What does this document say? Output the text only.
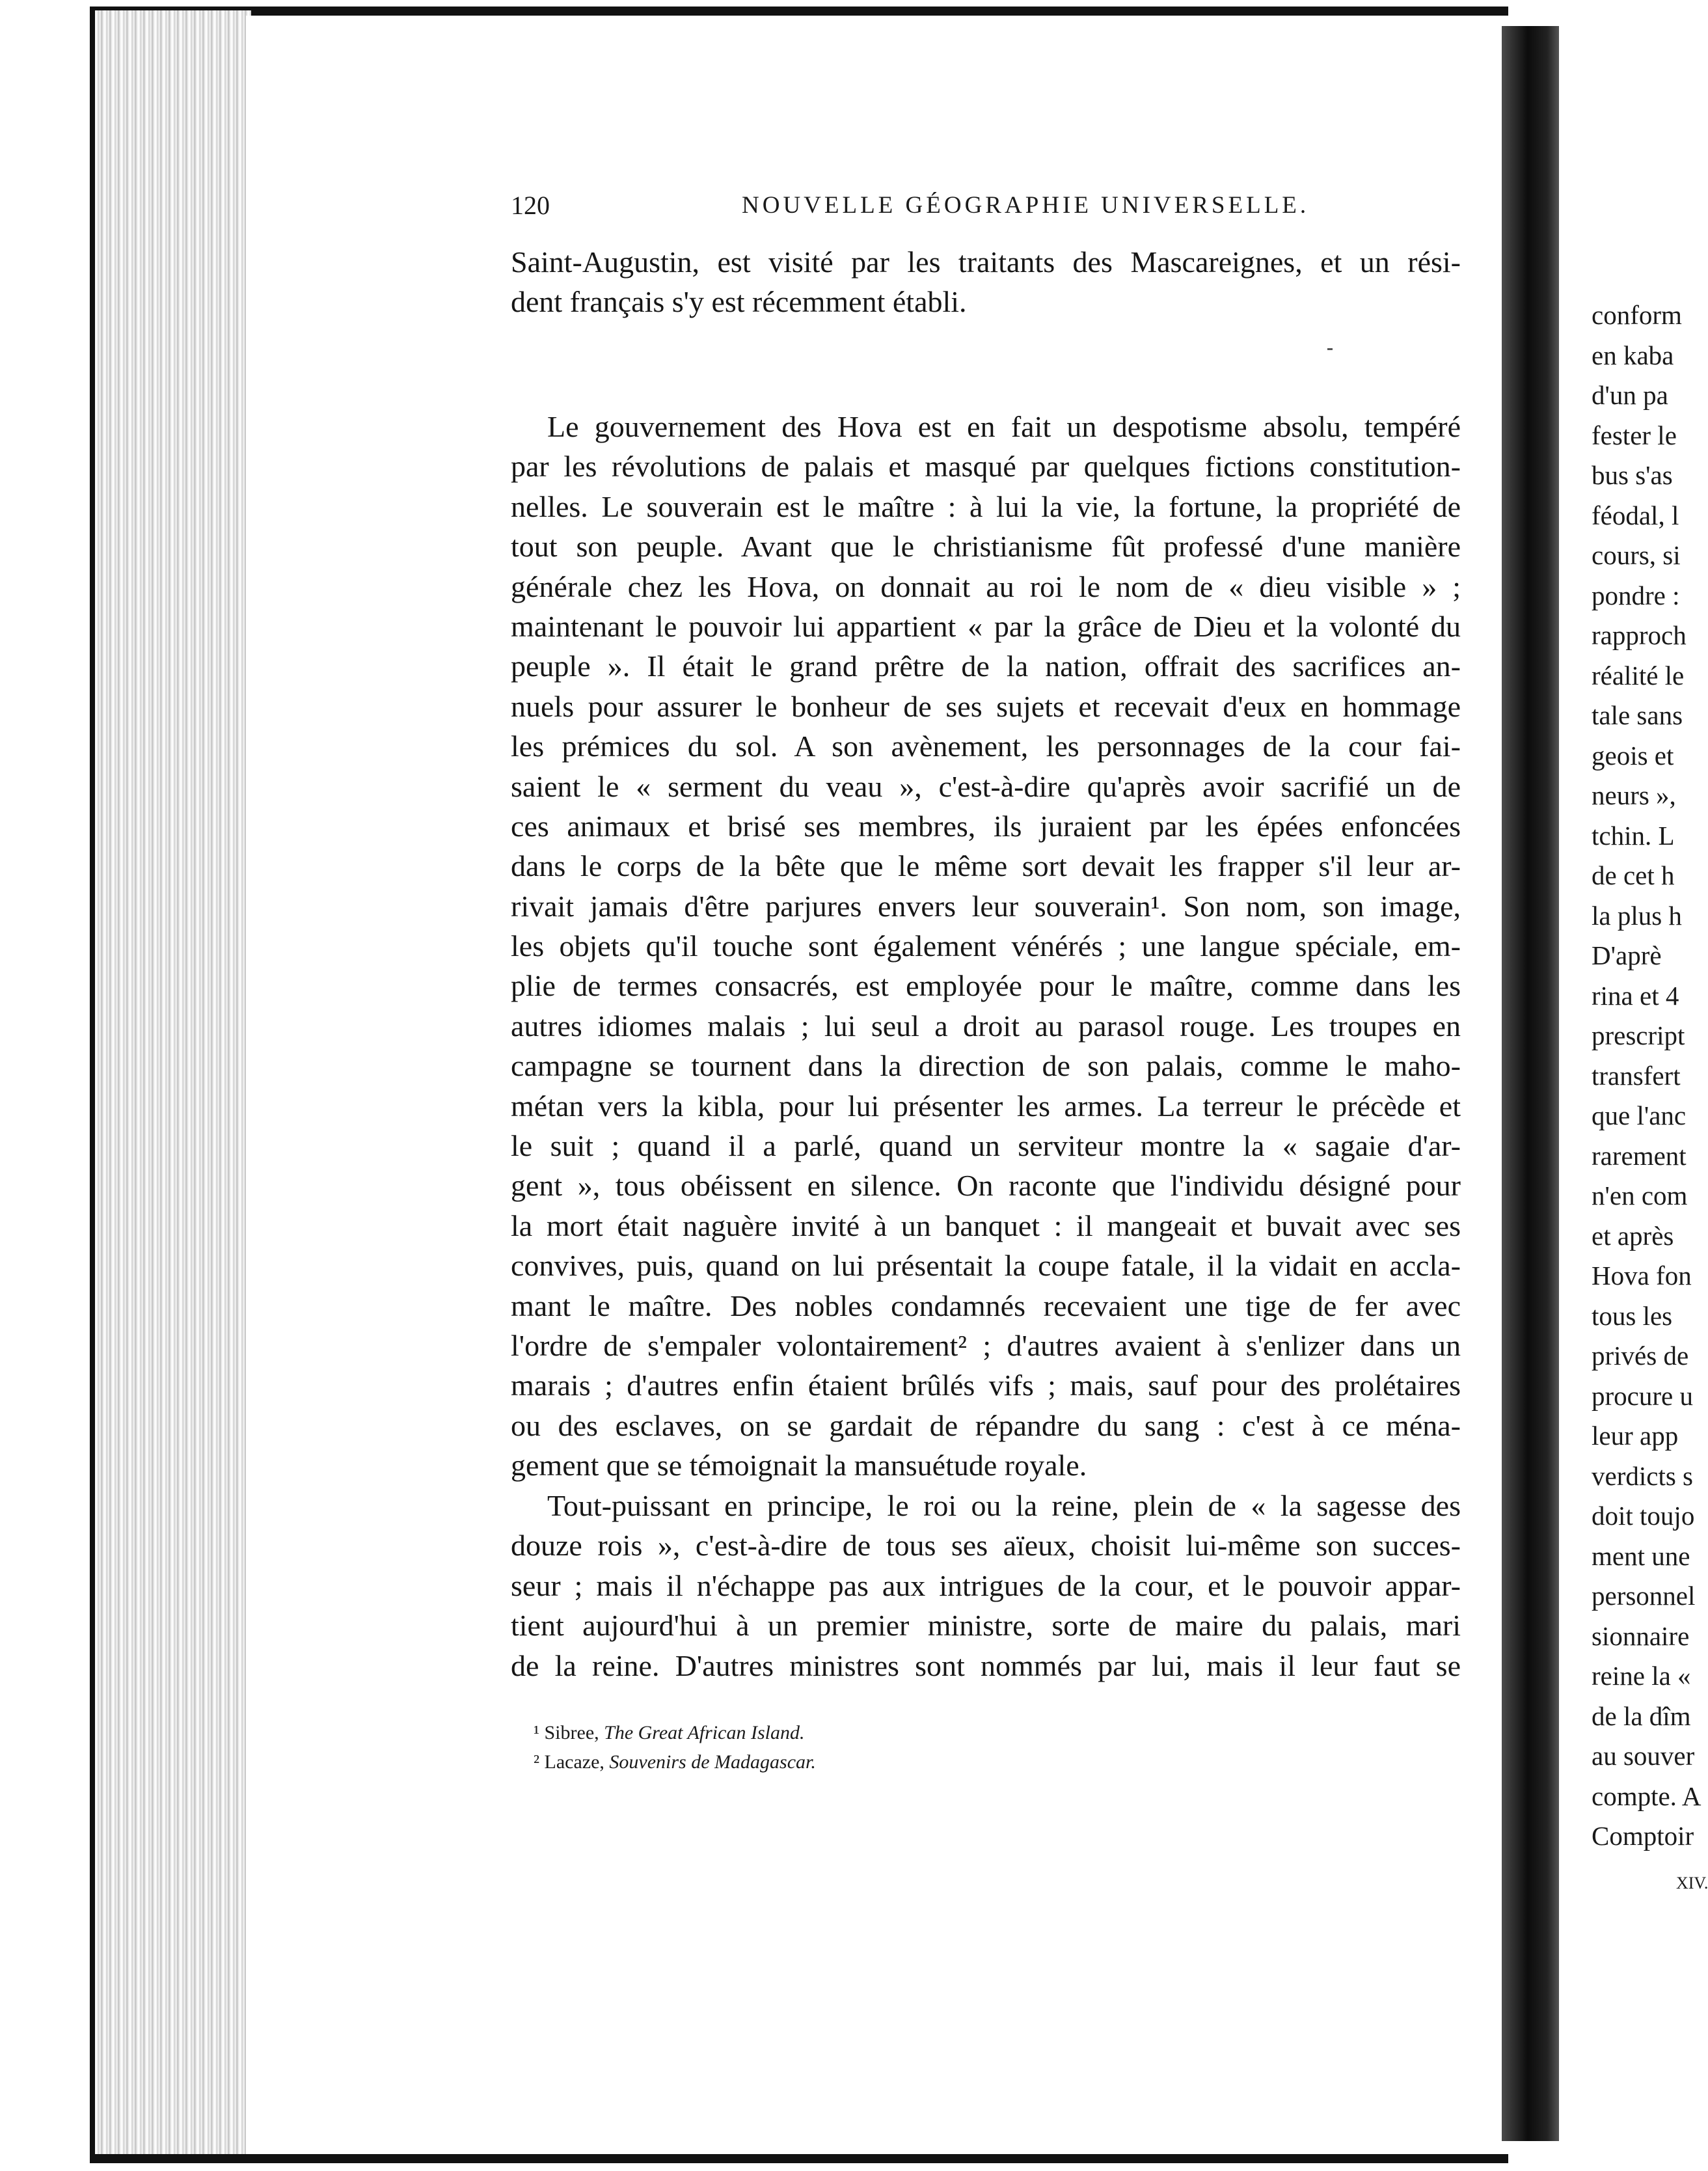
120	NOUVELLE GÉOGRAPHIE UNIVERSELLE.
Saint-Augustin, est visité par les traitants des Mascareignes, et un rési-
dent français s'y est récemment établi.
Le gouvernement des Hova est en fait un despotisme absolu, tempéré
par les révolutions de palais et masqué par quelques fictions constitution-
nelles. Le souverain est le maître : à lui la vie, la fortune, la propriété de
tout son peuple. Avant que le christianisme fût professé d'une manière
générale chez les Hova, on donnait au roi le nom de « dieu visible » ;
maintenant le pouvoir lui appartient « par la grâce de Dieu et la volonté du
peuple ». Il était le grand prêtre de la nation, offrait des sacrifices an-
nuels pour assurer le bonheur de ses sujets et recevait d'eux en hommage
les prémices du sol. A son avènement, les personnages de la cour fai-
saient le « serment du veau », c'est-à-dire qu'après avoir sacrifié un de
ces animaux et brisé ses membres, ils juraient par les épées enfoncées
dans le corps de la bête que le même sort devait les frapper s'il leur ar-
rivait jamais d'être parjures envers leur souverain¹. Son nom, son image,
les objets qu'il touche sont également vénérés ; une langue spéciale, em-
plie de termes consacrés, est employée pour le maître, comme dans les
autres idiomes malais ; lui seul a droit au parasol rouge. Les troupes en
campagne se tournent dans la direction de son palais, comme le maho-
métan vers la kibla, pour lui présenter les armes. La terreur le précède et
le suit ; quand il a parlé, quand un serviteur montre la « sagaie d'ar-
gent », tous obéissent en silence. On raconte que l'individu désigné pour
la mort était naguère invité à un banquet : il mangeait et buvait avec ses
convives, puis, quand on lui présentait la coupe fatale, il la vidait en accla-
mant le maître. Des nobles condamnés recevaient une tige de fer avec
l'ordre de s'empaler volontairement² ; d'autres avaient à s'enlizer dans un
marais ; d'autres enfin étaient brûlés vifs ; mais, sauf pour des prolétaires
ou des esclaves, on se gardait de répandre du sang : c'est à ce ména-
gement que se témoignait la mansuétude royale.
Tout-puissant en principe, le roi ou la reine, plein de « la sagesse des
douze rois », c'est-à-dire de tous ses aïeux, choisit lui-même son succes-
seur ; mais il n'échappe pas aux intrigues de la cour, et le pouvoir appar-
tient aujourd'hui à un premier ministre, sorte de maire du palais, mari
de la reine. D'autres ministres sont nommés par lui, mais il leur faut se
¹ Sibree, The Great African Island.
² Lacaze, Souvenirs de Madagascar.
conform
en kaba
d'un pa
fester le
bus s'as
féodal, l
cours, si
pondre :
rapproch
réalité le
tale sans
geois et
neurs »,
tchin. L
de cet h
la plus h
D'aprè
rina et 4
prescript
transfert
que l'anc
rarement
n'en com
et après
Hova fon
tous les
privés de
procure u
leur app
verdicts s
doit toujo
ment une
personnel
sionnaire
reine la «
de la dîm
au souver
compte. A
Comptoir
XIV.
